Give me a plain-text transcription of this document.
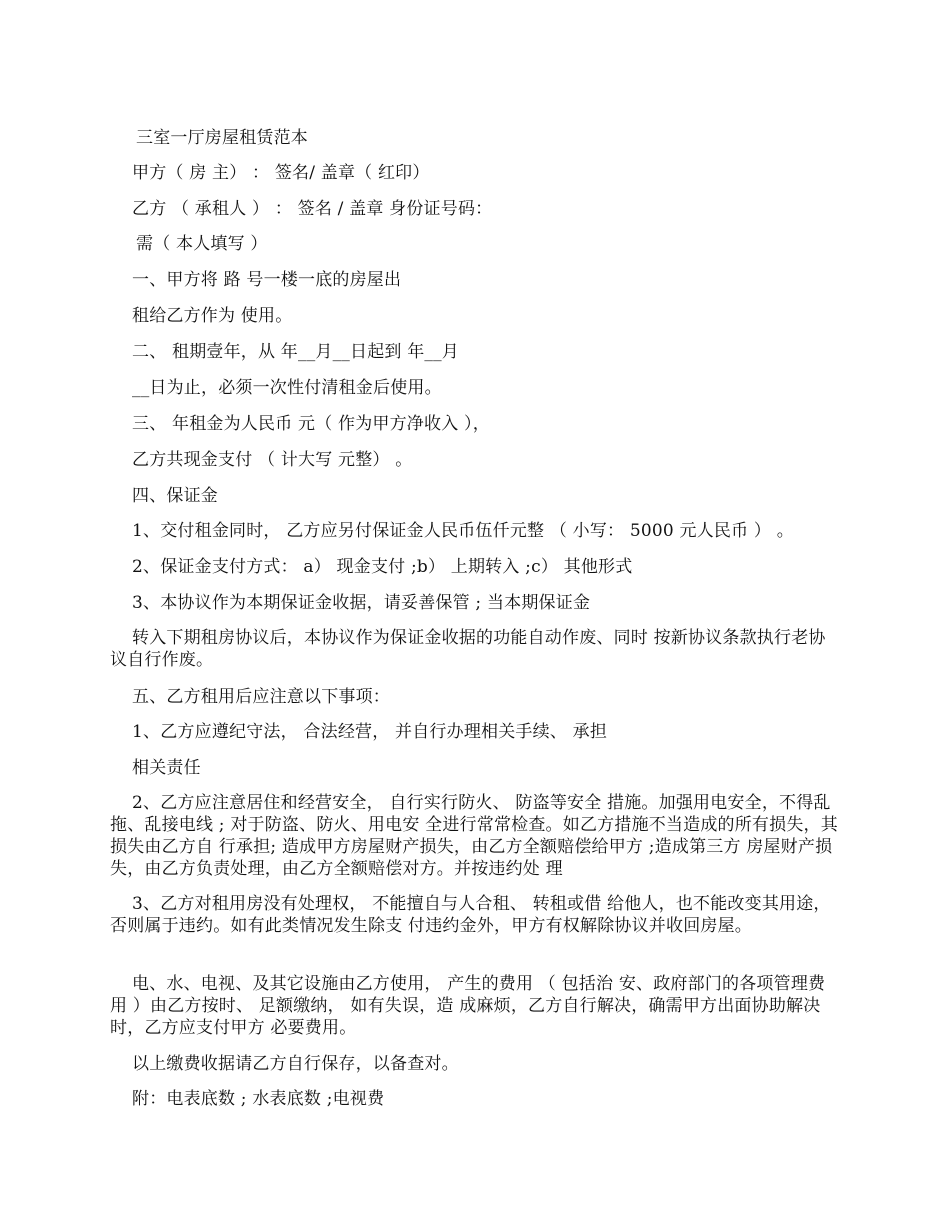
三室一厅房屋租赁范本
甲方（ 房 主） ： 签名/ 盖章（ 红印）
乙方 （ 承租人 ） ： 签名 / 盖章 身份证号码：
需（ 本人填写 ）
一、甲方将 路 号一楼一底的房屋出
租给乙方作为 使用。
二、 租期壹年，从 年__月__日起到 年__月
__日为止，必须一次性付清租金后使用。
三、 年租金为人民币 元（ 作为甲方净收入 ），
乙方共现金支付 （ 计大写 元整） 。
四、保证金
1、交付租金同时， 乙方应另付保证金人民币伍仟元整 （ 小写： 5000 元人民币 ） 。
2、保证金支付方式： a） 现金支付 ;b） 上期转入 ;c） 其他形式
3、本协议作为本期保证金收据，请妥善保管 ; 当本期保证金
转入下期租房协议后，本协议作为保证金收据的功能自动作废、同时 按新协议条款执行老协议自行作废。
五、乙方租用后应注意以下事项：
1、乙方应遵纪守法， 合法经营， 并自行办理相关手续、 承担
相关责任
2、乙方应注意居住和经营安全， 自行实行防火、 防盗等安全 措施。加强用电安全，不得乱拖、乱接电线 ; 对于防盗、防火、用电安 全进行常常检查。如乙方措施不当造成的所有损失，其损失由乙方自 行承担; 造成甲方房屋财产损失，由乙方全额赔偿给甲方 ;造成第三方 房屋财产损失，由乙方负责处理，由乙方全额赔偿对方。并按违约处 理
3、乙方对租用房没有处理权， 不能擅自与人合租、 转租或借 给他人，也不能改变其用途，否则属于违约。如有此类情况发生除支 付违约金外，甲方有权解除协议并收回房屋。
电、水、电视、及其它设施由乙方使用， 产生的费用 （ 包括治 安、政府部门的各项管理费用 ）由乙方按时、 足额缴纳， 如有失误，造 成麻烦，乙方自行解决，确需甲方出面协助解决时，乙方应支付甲方 必要费用。
以上缴费收据请乙方自行保存，以备查对。
附：电表底数 ; 水表底数 ;电视费
